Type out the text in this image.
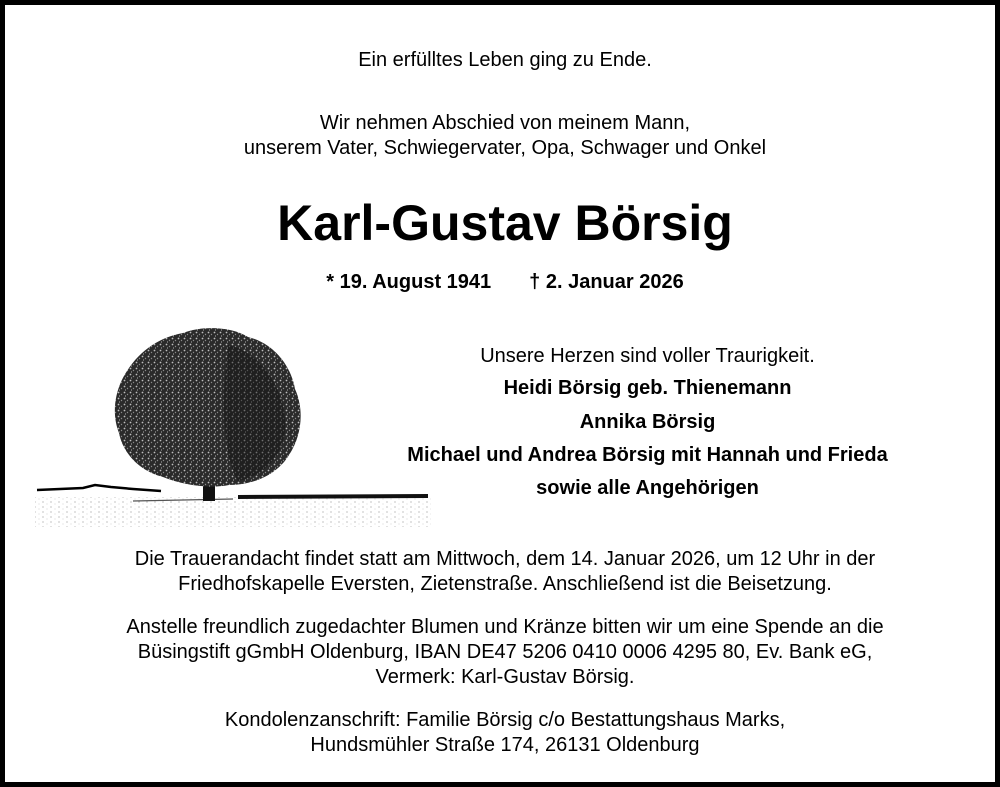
Ein erfülltes Leben ging zu Ende.
Wir nehmen Abschied von meinem Mann,
unserem Vater, Schwiegervater, Opa, Schwager und Onkel
Karl-Gustav Börsig
* 19. August 1941 † 2. Januar 2026
Unsere Herzen sind voller Traurigkeit.
Heidi Börsig geb. Thienemann
Annika Börsig
Michael und Andrea Börsig mit Hannah und Frieda
sowie alle Angehörigen
Die Trauerandacht findet statt am Mittwoch, dem 14. Januar 2026, um 12 Uhr in der
Friedhofskapelle Eversten, Zietenstraße. Anschließend ist die Beisetzung.
Anstelle freundlich zugedachter Blumen und Kränze bitten wir um eine Spende an die
Büsingstift gGmbH Oldenburg, IBAN DE47 5206 0410 0006 4295 80, Ev. Bank eG,
Vermerk: Karl-Gustav Börsig.
Kondolenzanschrift: Familie Börsig c/o Bestattungshaus Marks,
Hundsmühler Straße 174, 26131 Oldenburg
